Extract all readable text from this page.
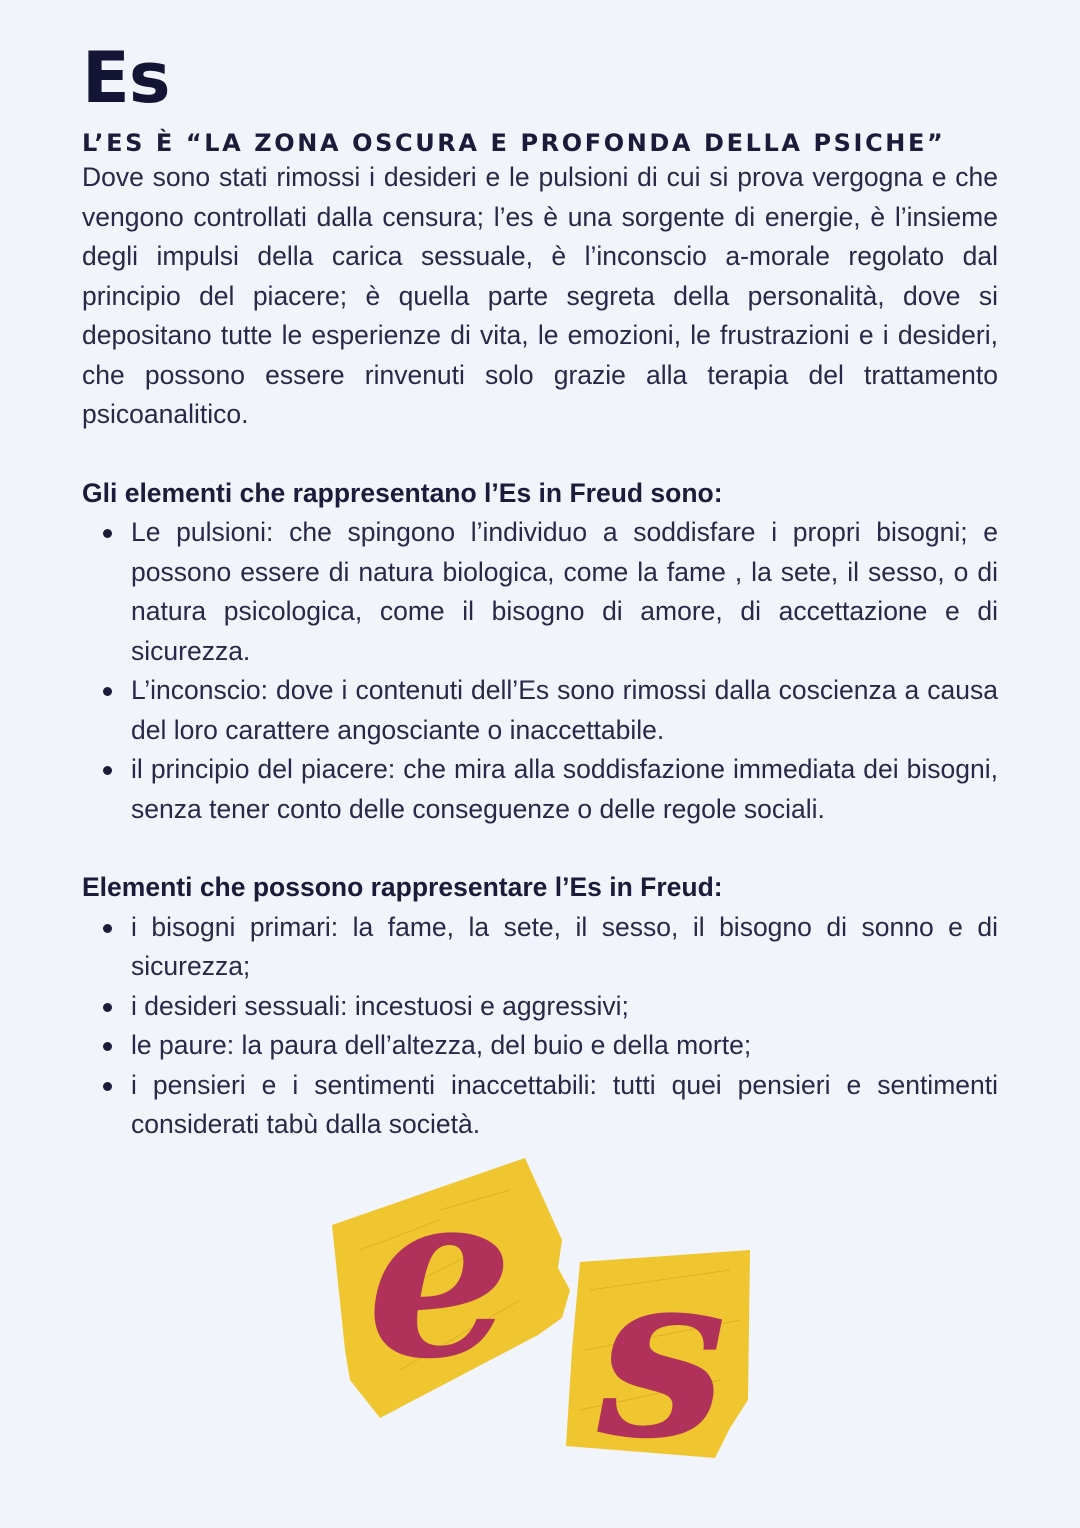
Es
L’ES È “LA ZONA OSCURA E PROFONDA DELLA PSICHE”

Dove sono stati rimossi i desideri e le pulsioni di cui si prova vergogna e che vengono controllati dalla censura; l’es è una sorgente di energie, è l’insieme degli impulsi della carica sessuale, è l’inconscio a-morale regolato dal principio del piacere; è quella parte segreta della personalità, dove si depositano tutte le esperienze di vita, le emozioni, le frustrazioni e i desideri, che possono essere rinvenuti solo grazie alla terapia del trattamento psicoanalitico.

Gli elementi che rappresentano l’Es in Freud sono:
Le pulsioni: che spingono l’individuo a soddisfare i propri bisogni; e possono essere di natura biologica, come la fame , la sete, il sesso, o di natura psicologica, come il bisogno di amore, di accettazione e di sicurezza.
L’inconscio: dove i contenuti dell’Es sono rimossi dalla coscienza a causa del loro carattere angosciante o inaccettabile.
il principio del piacere: che mira alla soddisfazione immediata dei bisogni, senza tener conto delle conseguenze o delle regole sociali.
Elementi che possono rappresentare l’Es in Freud:
i bisogni primari: la fame, la sete, il sesso, il bisogno di sonno e di sicurezza;
i desideri sessuali: incestuosi e aggressivi;
le paure: la paura dell’altezza, del buio e della morte;
i pensieri e i sentimenti inaccettabili: tutti quei pensieri e sentimenti considerati tabù dalla società.
e s
